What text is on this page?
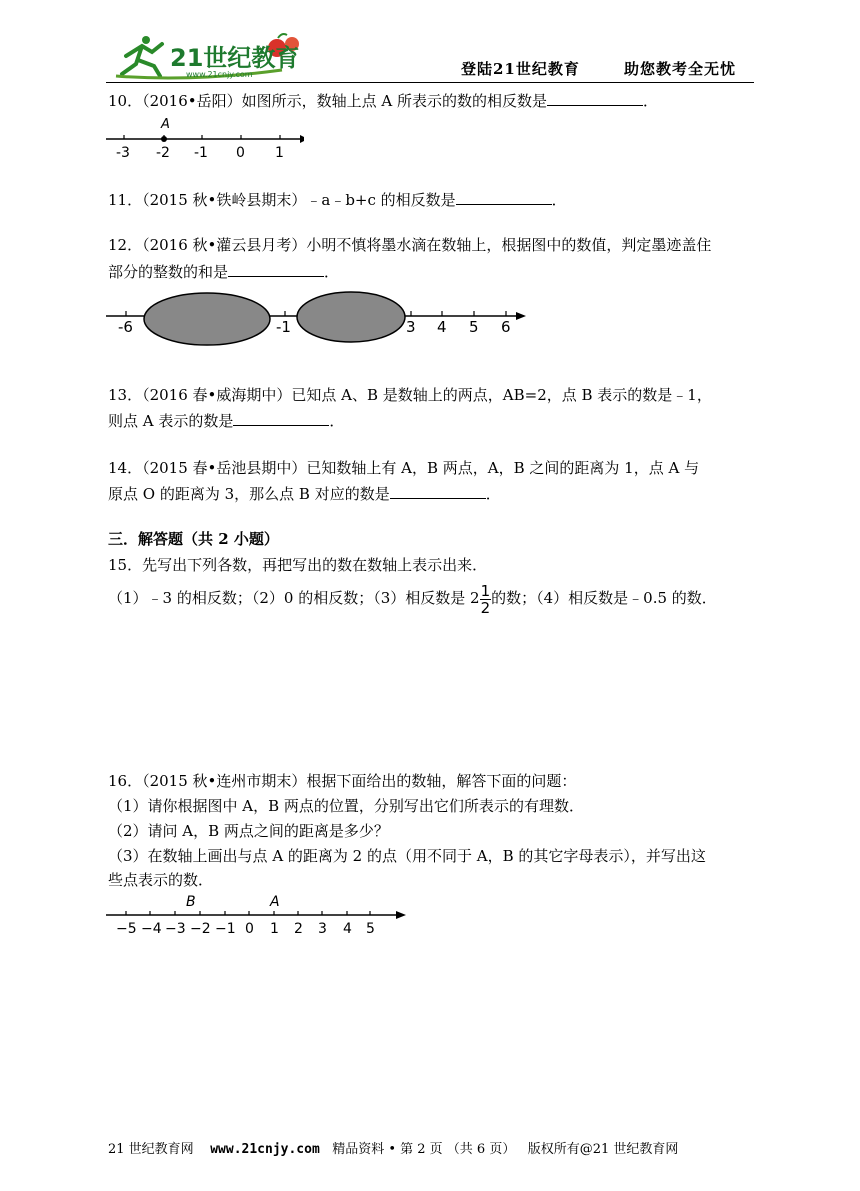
21世纪教育
www.21cnjy.com	登陆21世纪教育	助您教考全无忧
10．（2016•岳阳）如图所示，数轴上点 A 所表示的数的相反数是	．
A
-3 -2 -1 0 1
11．（2015 秋•铁岭县期末）﹣a﹣b+c 的相反数是	．
12．（2016 秋•灌云县月考）小明不慎将墨水滴在数轴上，根据图中的数值，判定墨迹盖住
部分的整数的和是	．
-6	-1	3 4 5 6
13．（2016 春•威海期中）已知点 A、B 是数轴上的两点，AB=2，点 B 表示的数是﹣1，
则点 A 表示的数是	．
14．（2015 春•岳池县期中）已知数轴上有 A，B 两点，A，B 之间的距离为 1，点 A 与
原点 O 的距离为 3，那么点 B 对应的数是	．
三．解答题（共 2 小题）
15．先写出下列各数，再把写出的数在数轴上表示出来．
（1）﹣3 的相反数；（2）0 的相反数；（3）相反数是 $2 \frac{1}{2}$ 的数；（4）相反数是﹣0.5 的数．
16．（2015 秋•连州市期末）根据下面给出的数轴，解答下面的问题：
（1）请你根据图中 A，B 两点的位置，分别写出它们所表示的有理数．
（2）请问 A，B 两点之间的距离是多少？
（3）在数轴上画出与点 A 的距离为 2 的点（用不同于 A，B 的其它字母表示），并写出这
些点表示的数．
B	A
−5 −4 −3 −2 −1 0 1 2 3 4 5
21 世纪教育网 www.21cnjy.com 精品资料 • 第 2 页 （共 6 页） 版权所有@21 世纪教育网
